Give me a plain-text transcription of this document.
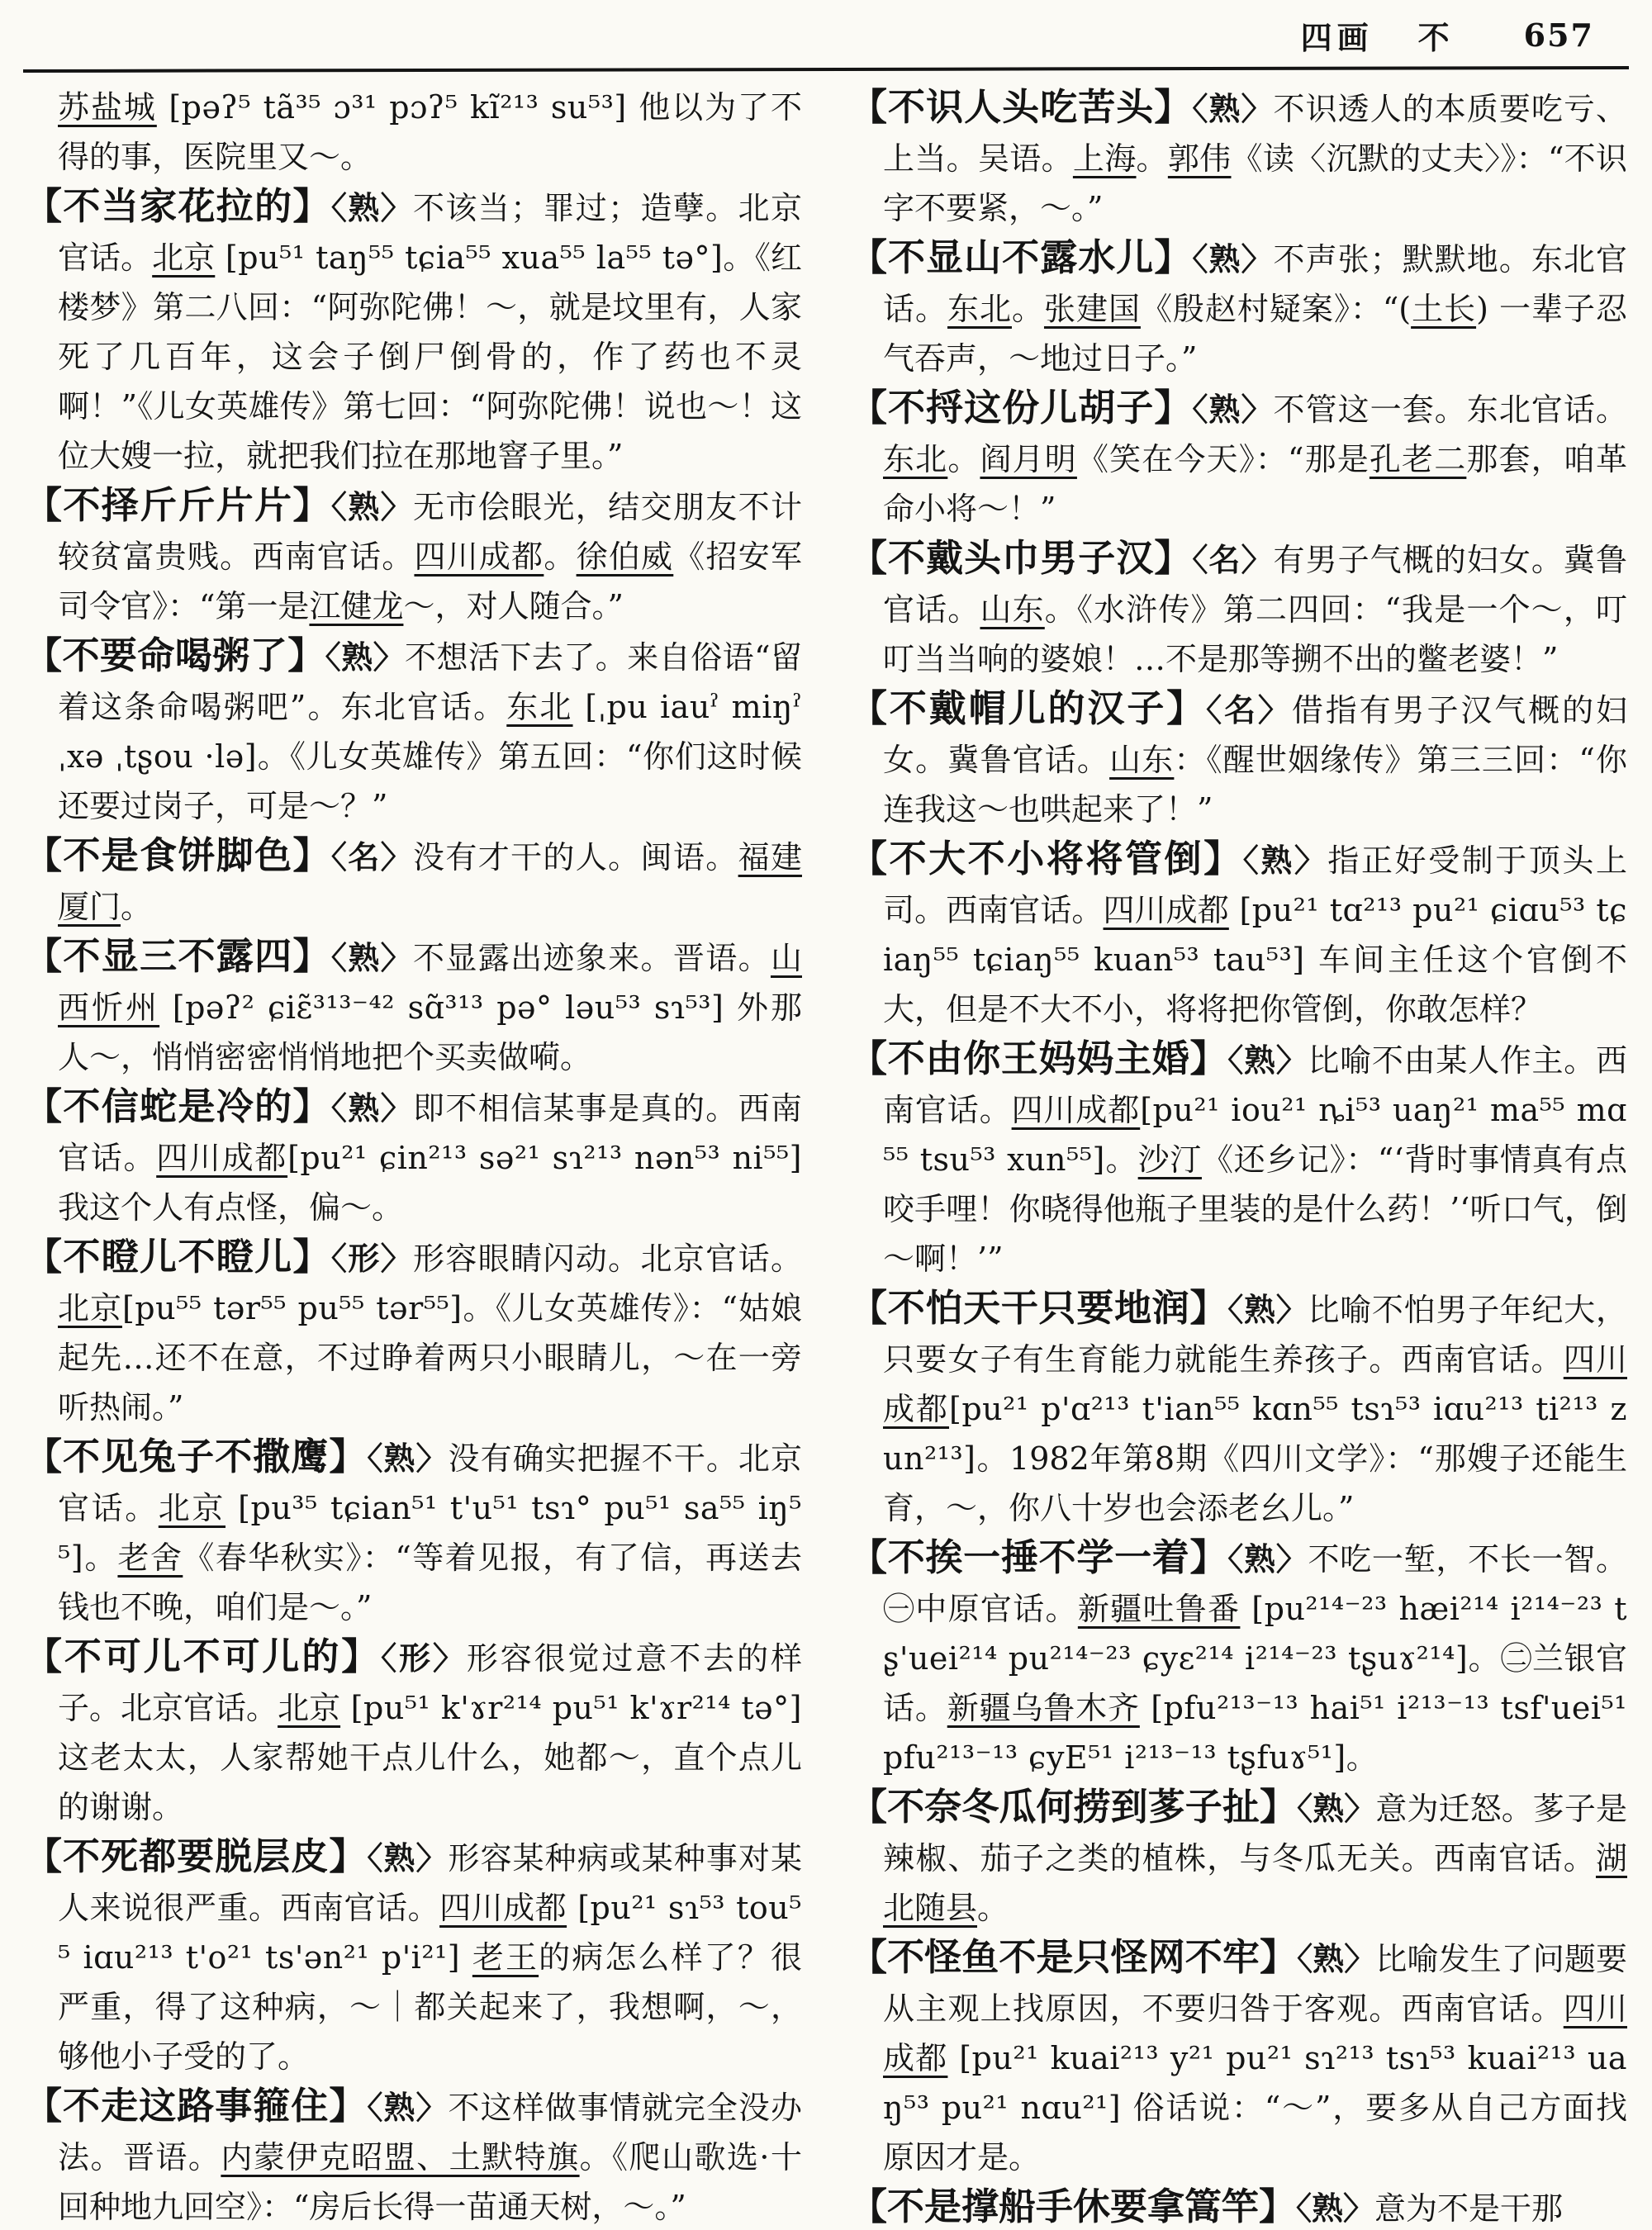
四画 不 657

苏盐城 [pəʔ⁵ tã³⁵ ɔ³¹ pɔʔ⁵ kĩ²¹³ su⁵³] 他以为了不得的事，医院里又～。

【不当家花拉的】〈熟〉不该当；罪过；造孽。北京官话。北京 [pu⁵¹ taŋ⁵⁵ tɕia⁵⁵ xua⁵⁵ la⁵⁵ tə°]。《红楼梦》第二八回：“阿弥陀佛！～，就是坟里有，人家死了几百年，这会子倒尸倒骨的，作了药也不灵啊！”《儿女英雄传》第七回：“阿弥陀佛！说也～！这位大嫂一拉，就把我们拉在那地窨子里。”

【不择斤斤片片】〈熟〉无市侩眼光，结交朋友不计较贫富贵贱。西南官话。四川成都。徐伯威《招安军司令官》：“第一是江健龙～，对人随合。”

【不要命喝粥了】〈熟〉不想活下去了。来自俗语“留着这条命喝粥吧”。东北官话。东北 [ˌpu iauˀ miŋˀ ˌxə ˌtʂou ·lə]。《儿女英雄传》第五回：“你们这时候还要过岗子，可是～？”

【不是食饼脚色】〈名〉没有才干的人。闽语。福建厦门。

【不显三不露四】〈熟〉不显露出迹象来。晋语。山西忻州 [pəʔ² ɕiɛ̃³¹³⁻⁴² sɑ̃³¹³ pə° ləu⁵³ sɿ⁵³] 外那人～，悄悄密密悄悄地把个买卖做嗬。

【不信蛇是冷的】〈熟〉即不相信某事是真的。西南官话。四川成都[pu²¹ ɕin²¹³ sə²¹ sɿ²¹³ nən⁵³ ni⁵⁵] 我这个人有点怪，偏～。

【不瞪儿不瞪儿】〈形〉形容眼睛闪动。北京官话。北京[pu⁵⁵ tər⁵⁵ pu⁵⁵ tər⁵⁵]。《儿女英雄传》：“姑娘起先…还不在意，不过睁着两只小眼睛儿，～在一旁听热闹。”

【不见兔子不撒鹰】〈熟〉没有确实把握不干。北京官话。北京 [pu³⁵ tɕian⁵¹ t'u⁵¹ tsɿ° pu⁵¹ sa⁵⁵ iŋ⁵⁵]。老舍《春华秋实》：“等着见报，有了信，再送去钱也不晚，咱们是～。”

【不可儿不可儿的】〈形〉形容很觉过意不去的样子。北京官话。北京 [pu⁵¹ k'ɤr²¹⁴ pu⁵¹ k'ɤr²¹⁴ tə°] 这老太太，人家帮她干点儿什么，她都～，直个点儿的谢谢。

【不死都要脱层皮】〈熟〉形容某种病或某种事对某人来说很严重。西南官话。四川成都 [pu²¹ sɿ⁵³ tou⁵⁵ iɑu²¹³ t'o²¹ ts'ən²¹ p'i²¹] 老王的病怎么样了？很严重，得了这种病，～｜都关起来了，我想啊，～，够他小子受的了。

【不走这路事箍住】〈熟〉不这样做事情就完全没办法。晋语。内蒙伊克昭盟、土默特旗。《爬山歌选·十回种地九回空》：“房后长得一苗通天树，～。”

【不识人头吃苦头】〈熟〉不识透人的本质要吃亏、上当。吴语。上海。郭伟《读〈沉默的丈夫〉》：“不识字不要紧，～。”

【不显山不露水儿】〈熟〉不声张；默默地。东北官话。东北。张建国《殷赵村疑案》：“(土长) 一辈子忍气吞声，～地过日子。”

【不捋这份儿胡子】〈熟〉不管这一套。东北官话。东北。阎月明《笑在今天》：“那是孔老二那套，咱革命小将～！”

【不戴头巾男子汉】〈名〉有男子气概的妇女。冀鲁官话。山东。《水浒传》第二四回：“我是一个～，叮叮当当响的婆娘！…不是那等搠不出的鳖老婆！”

【不戴帽儿的汉子】〈名〉借指有男子汉气概的妇女。冀鲁官话。山东：《醒世姻缘传》第三三回：“你连我这～也哄起来了！”

【不大不小将将管倒】〈熟〉指正好受制于顶头上司。西南官话。四川成都 [pu²¹ tɑ²¹³ pu²¹ ɕiɑu⁵³ tɕiaŋ⁵⁵ tɕiaŋ⁵⁵ kuan⁵³ tau⁵³] 车间主任这个官倒不大，但是不大不小，将将把你管倒，你敢怎样？

【不由你王妈妈主婚】〈熟〉比喻不由某人作主。西南官话。四川成都[pu²¹ iou²¹ ȵi⁵³ uaŋ²¹ ma⁵⁵ mɑ⁵⁵ tsu⁵³ xun⁵⁵]。沙汀《还乡记》：“‘背时事情真有点咬手哩！你晓得他瓶子里装的是什么药！’‘听口气，倒～啊！’”

【不怕天干只要地润】〈熟〉比喻不怕男子年纪大，只要女子有生育能力就能生养孩子。西南官话。四川成都[pu²¹ p'ɑ²¹³ t'ian⁵⁵ kɑn⁵⁵ tsɿ⁵³ iɑu²¹³ ti²¹³ zun²¹³]。1982年第8期《四川文学》：“那嫂子还能生育，～，你八十岁也会添老幺儿。”

【不挨一捶不学一着】〈熟〉不吃一堑，不长一智。㊀中原官话。新疆吐鲁番 [pu²¹⁴⁻²³ hæi²¹⁴ i²¹⁴⁻²³ tʂ'uei²¹⁴ pu²¹⁴⁻²³ ɕyɛ²¹⁴ i²¹⁴⁻²³ tʂuɤ²¹⁴]。㊁兰银官话。新疆乌鲁木齐 [pfu²¹³⁻¹³ hai⁵¹ i²¹³⁻¹³ tsf'uei⁵¹ pfu²¹³⁻¹³ ɕyE⁵¹ i²¹³⁻¹³ tʂfuɤ⁵¹]。

【不奈冬瓜何捞到茤子扯】〈熟〉意为迁怒。茤子是辣椒、茄子之类的植株，与冬瓜无关。西南官话。湖北随县。

【不怪鱼不是只怪网不牢】〈熟〉比喻发生了问题要从主观上找原因，不要归咎于客观。西南官话。四川成都 [pu²¹ kuai²¹³ y²¹ pu²¹ sɿ²¹³ tsɿ⁵³ kuai²¹³ uaŋ⁵³ pu²¹ nɑu²¹] 俗话说：“～”，要多从自己方面找原因才是。

【不是撑船手休要拿篙竿】〈熟〉意为不是干那
